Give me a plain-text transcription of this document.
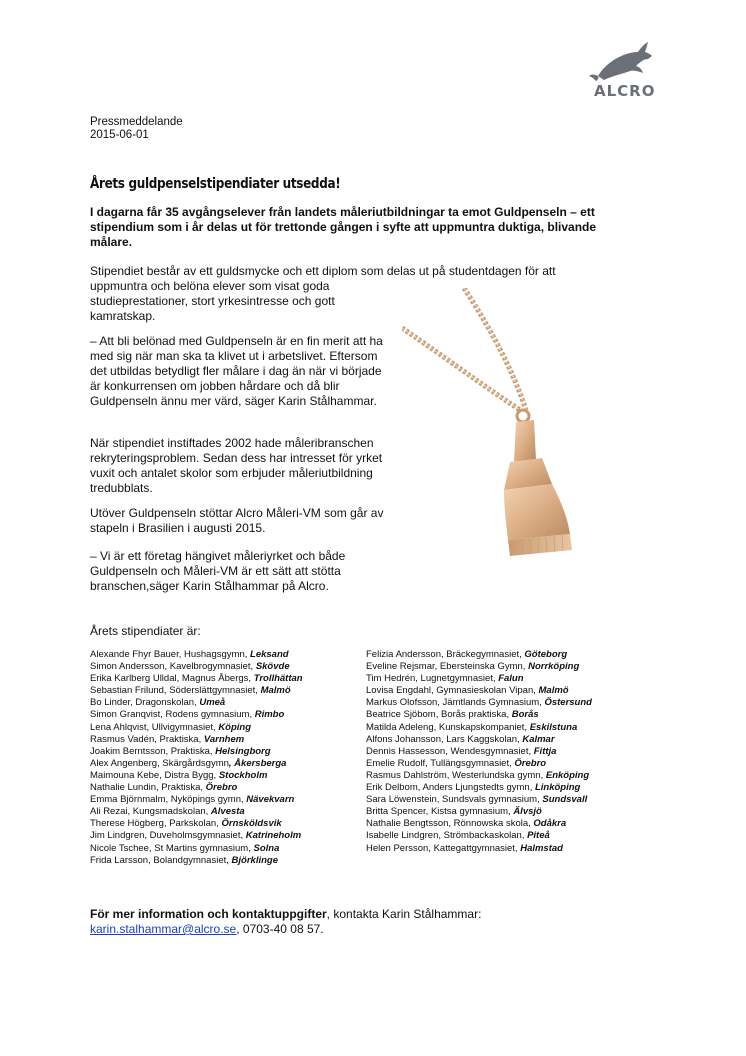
ALCRO
Pressmeddelande
2015-06-01
Årets guldpenselstipendiater utsedda!
I dagarna får 35 avgångselever från landets måleriutbildningar ta emot Guldpenseln – ett stipendium som i år delas ut för trettonde gången i syfte att uppmuntra duktiga, blivande målare.
Stipendiet består av ett guldsmycke och ett diplom som delas ut på studentdagen för att
uppmuntra och belöna elever som visat goda studieprestationer, stort yrkesintresse och gott kamratskap.
– Att bli belönad med Guldpenseln är en fin merit att ha med sig när man ska ta klivet ut i arbetslivet. Eftersom det utbildas betydligt fler målare i dag än när vi började är konkurrensen om jobben hårdare och då blir Guldpenseln ännu mer värd, säger Karin Stålhammar.
När stipendiet instiftades 2002 hade måleribranschen rekryteringsproblem. Sedan dess har intresset för yrket vuxit och antalet skolor som erbjuder måleriutbildning tredubblats.
Utöver Guldpenseln stöttar Alcro Måleri-VM som går av stapeln i Brasilien i augusti 2015.
– Vi är ett företag hängivet måleriyrket och både Guldpenseln och Måleri-VM är ett sätt att stötta branschen,säger Karin Stålhammar på Alcro.
Årets stipendiater är:
Alexande Fhyr Bauer, Hushagsgymn, Leksand
Simon Andersson, Kavelbrogymnasiet, Skövde
Erika Karlberg Ulldal, Magnus Åbergs, Trollhättan
Sebastian Frilund, Söderslättgymnasiet, Malmö
Bo Linder, Dragonskolan, Umeå
Simon Granqvist, Rodens gymnasium, Rimbo
Lena Ahlqvist, Ullvigymnasiet, Köping
Rasmus Vadén, Praktiska, Varnhem
Joakim Berntsson, Praktiska, Helsingborg
Alex Angenberg, Skärgårdsgymn, Åkersberga
Maimouna Kebe, Distra Bygg, Stockholm
Nathalie Lundin, Praktiska, Örebro
Emma Björnmalm, Nyköpings gymn, Nävekvarn
Ali Rezai, Kungsmadskolan, Alvesta
Therese Högberg, Parkskolan, Örnsköldsvik
Jim Lindgren, Duveholmsgymnasiet, Katrineholm
Nicole Tschee, St Martins gymnasium, Solna
Frida Larsson, Bolandgymnasiet, Björklinge
Felizia Andersson, Bräckegymnasiet, Göteborg
Eveline Rejsmar, Ebersteinska Gymn, Norrköping
Tim Hedrén, Lugnetgymnasiet, Falun
Lovisa Engdahl, Gymnasieskolan Vipan, Malmö
Markus Olofsson, Jämtlands Gymnasium, Östersund
Beatrice Sjöbom, Borås praktiska, Borås
Matilda Adeleng, Kunskapskompaniet, Eskilstuna
Alfons Johansson, Lars Kaggskolan, Kalmar
Dennis Hassesson, Wendesgymnasiet, Fittja
Emelie Rudolf, Tullängsgymnasiet, Örebro
Rasmus Dahlström, Westerlundska gymn, Enköping
Erik Delbom, Anders Ljungstedts gymn, Linköping
Sara Löwenstein, Sundsvals gymnasium, Sundsvall
Britta Spencer, Kistsa gymnasium, Älvsjö
Nathalie Bengtsson, Rönnowska skola, Odåkra
Isabelle Lindgren, Strömbackaskolan, Piteå
Helen Persson, Kattegattgymnasiet, Halmstad
För mer information och kontaktuppgifter, kontakta Karin Stålhammar:
karin.stalhammar@alcro.se, 0703-40 08 57.
